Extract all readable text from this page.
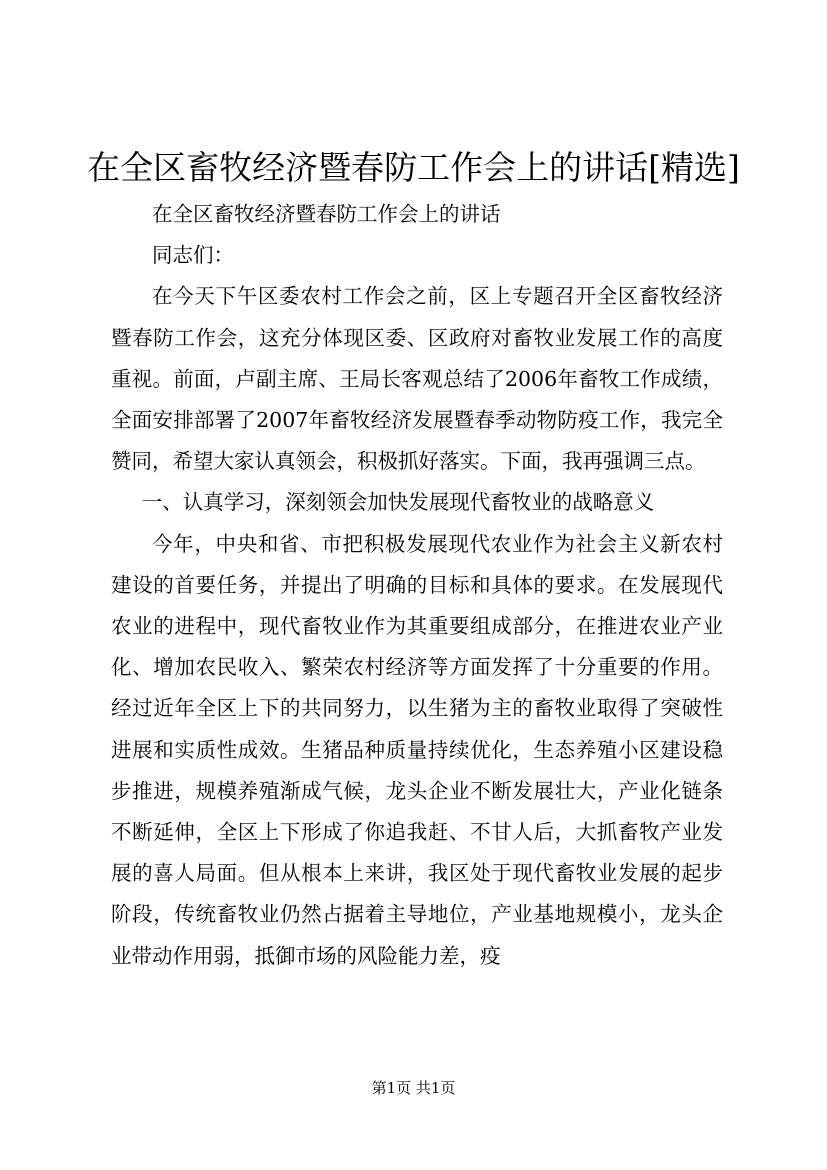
在全区畜牧经济暨春防工作会上的讲话[精选]

在全区畜牧经济暨春防工作会上的讲话

同志们：

在今天下午区委农村工作会之前，区上专题召开全区畜牧经济暨春防工作会，这充分体现区委、区政府对畜牧业发展工作的高度重视。前面，卢副主席、王局长客观总结了2006年畜牧工作成绩，全面安排部署了2007年畜牧经济发展暨春季动物防疫工作，我完全赞同，希望大家认真领会，积极抓好落实。下面，我再强调三点。

一、认真学习，深刻领会加快发展现代畜牧业的战略意义

今年，中央和省、市把积极发展现代农业作为社会主义新农村建设的首要任务，并提出了明确的目标和具体的要求。在发展现代农业的进程中，现代畜牧业作为其重要组成部分，在推进农业产业化、增加农民收入、繁荣农村经济等方面发挥了十分重要的作用。经过近年全区上下的共同努力，以生猪为主的畜牧业取得了突破性进展和实质性成效。生猪品种质量持续优化，生态养殖小区建设稳步推进，规模养殖渐成气候，龙头企业不断发展壮大，产业化链条不断延伸，全区上下形成了你追我赶、不甘人后，大抓畜牧产业发展的喜人局面。但从根本上来讲，我区处于现代畜牧业发展的起步阶段，传统畜牧业仍然占据着主导地位，产业基地规模小，龙头企业带动作用弱，抵御市场的风险能力差，疫

第1页 共1页
